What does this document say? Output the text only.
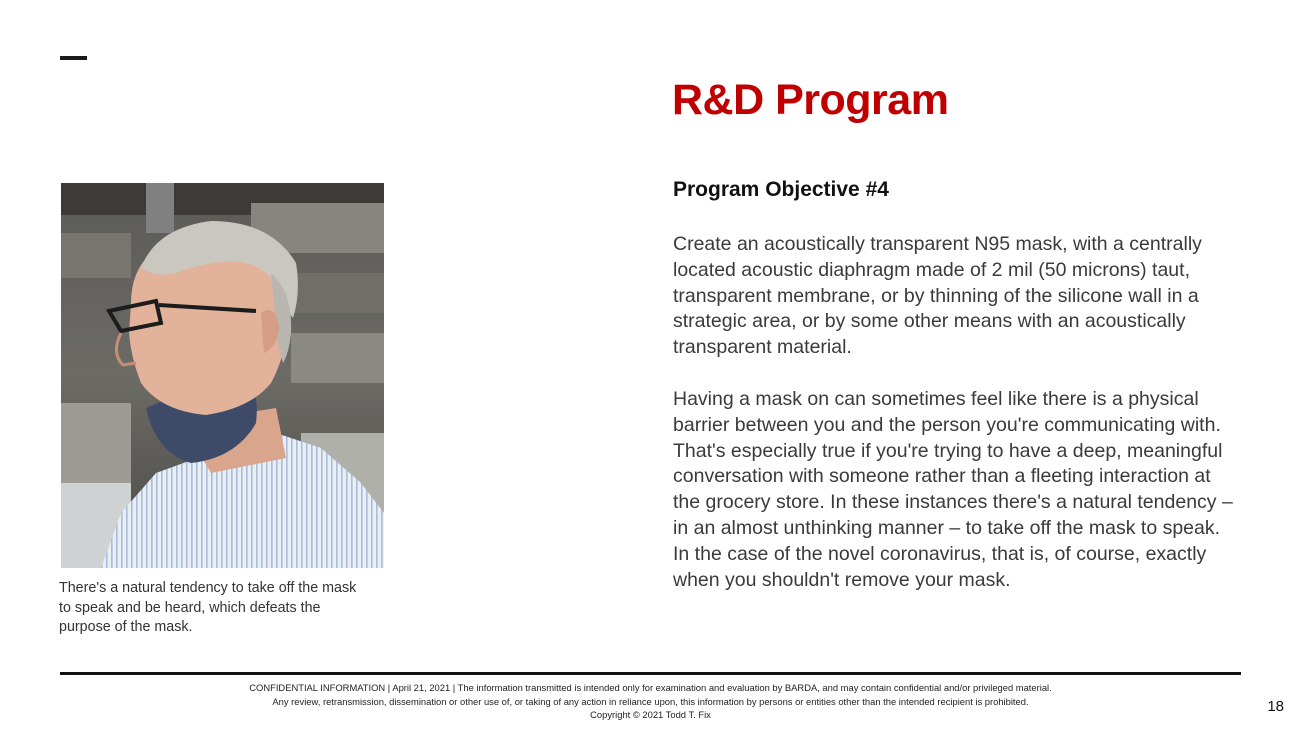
R&D Program
Program Objective #4

Create an acoustically transparent N95 mask, with a centrally located acoustic diaphragm made of 2 mil (50 microns) taut, transparent membrane, or by thinning of the silicone wall in a strategic area, or by some other means with an acoustically transparent material.

Having a mask on can sometimes feel like there is a physical barrier between you and the person you're communicating with. That's especially true if you're trying to have a deep, meaningful conversation with someone rather than a fleeting interaction at the grocery store. In these instances there's a natural tendency – in an almost unthinking manner – to take off the mask to speak. In the case of the novel coronavirus, that is, of course, exactly when you shouldn't remove your mask.

There's a natural tendency to take off the mask to speak and be heard, which defeats the purpose of the mask.

CONFIDENTIAL INFORMATION | April 21, 2021 | The information transmitted is intended only for examination and evaluation by BARDA, and may contain confidential and/or privileged material.
Any review, retransmission, dissemination or other use of, or taking of any action in reliance upon, this information by persons or entities other than the intended recipient is prohibited.
Copyright © 2021 Todd T. Fix	18
